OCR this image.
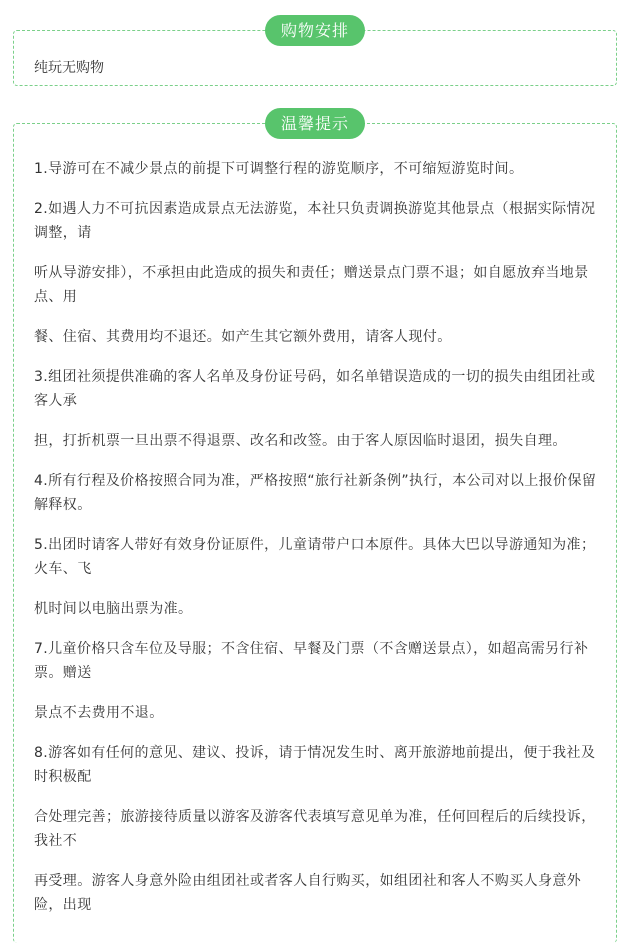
购物安排
纯玩无购物
温馨提示

1.导游可在不减少景点的前提下可调整行程的游览顺序，不可缩短游览时间。

2.如遇人力不可抗因素造成景点无法游览，本社只负责调换游览其他景点（根据实际情况调整，请

听从导游安排），不承担由此造成的损失和责任；赠送景点门票不退；如自愿放弃当地景点、用

餐、住宿、其费用均不退还。如产生其它额外费用，请客人现付。

3.组团社须提供准确的客人名单及身份证号码，如名单错误造成的一切的损失由组团社或客人承

担，打折机票一旦出票不得退票、改名和改签。由于客人原因临时退团，损失自理。

4.所有行程及价格按照合同为准，严格按照“旅行社新条例”执行，本公司对以上报价保留解释权。

5.出团时请客人带好有效身份证原件，儿童请带户口本原件。具体大巴以导游通知为准；火车、飞

机时间以电脑出票为准。

7.儿童价格只含车位及导服；不含住宿、早餐及门票（不含赠送景点），如超高需另行补票。赠送

景点不去费用不退。

8.游客如有任何的意见、建议、投诉，请于情况发生时、离开旅游地前提出，便于我社及时积极配

合处理完善；旅游接待质量以游客及游客代表填写意见单为准，任何回程后的后续投诉，我社不

再受理。游客人身意外险由组团社或者客人自行购买，如组团社和客人不购买人身意外险，出现
